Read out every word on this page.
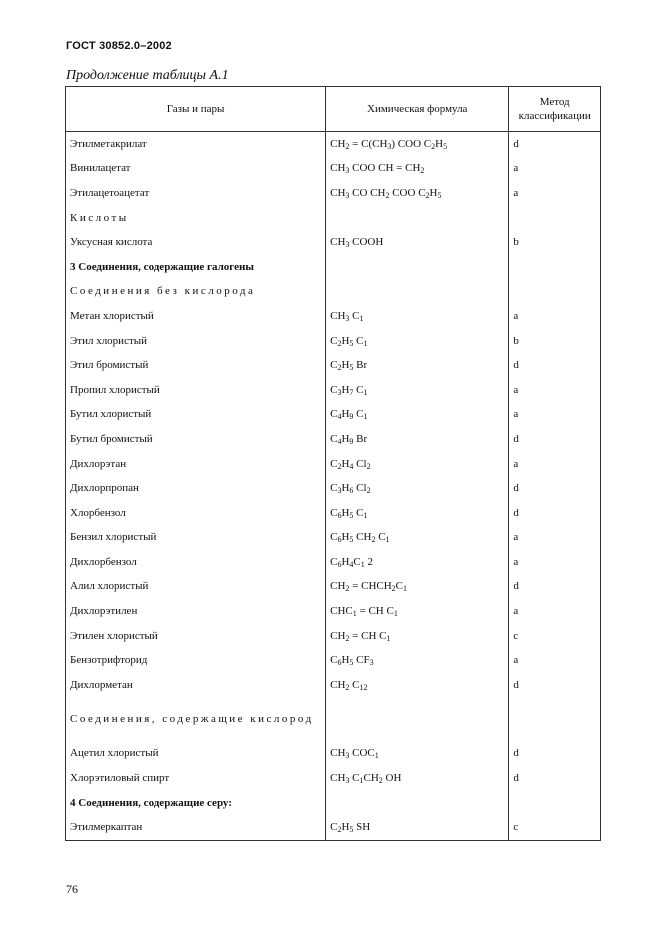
ГОСТ 30852.0–2002
Продолжение таблицы А.1
Газы и пары	Химическая формула	Метод классификации
Этилметакрилат	$CH_2 = C(CH_3)$ COO $C_2H_5$	d
Винилацетат	$CH_3$ COO CH = $CH_2$	a
Этилацетоацетат	$CH_3$ CO $CH_2$ COO $C_2H_5$	a
Кислоты		
Уксусная кислота	$CH_3$ COOH	b
3 Соединения, содержащие галогены		
Соединения без кислорода		
Метан хлористый	$CH_3$ $C_1$	a
Этил хлористый	$C_2H_5$ $C_1$	b
Этил бромистый	$C_2H_5$ Br	d
Пропил хлористый	$C_3H_7$ $C_1$	a
Бутил хлористый	$C_4H_9$ $C_1$	a
Бутил бромистый	$C_4H_9$ Br	d
Дихлорэтан	$C_2H_4$ $Cl_2$	a
Дихлорпропан	$C_3H_6$ $Cl_2$	d
Хлорбензол	$C_6H_5$ $C_1$	d
Бензил хлористый	$C_6H_5$ $CH_2$ $C_1$	a
Дихлорбензол	$C_6H_4C_1$ 2	a
Алил хлористый	$CH_2$ = $CHCH_2C_1$	d
Дихлорэтилен	$CHC_1$ = CH $C_1$	a
Этилен хлористый	$CH_2$ = CH $C_1$	c
Бензотрифторид	$C_6H_5$ $CF_3$	a
Дихлорметан	$CH_2$ $C_{12}$	d
Соединения, содержащие кислород		
Ацетил хлористый	$CH_3$ $COC_1$	d
Хлорэтиловый спирт	$CH_3$ $C_1CH_2$ OH	d
4 Соединения, содержащие серу:		
Этилмеркаптан	$C_2H_5$ SH	c
76
